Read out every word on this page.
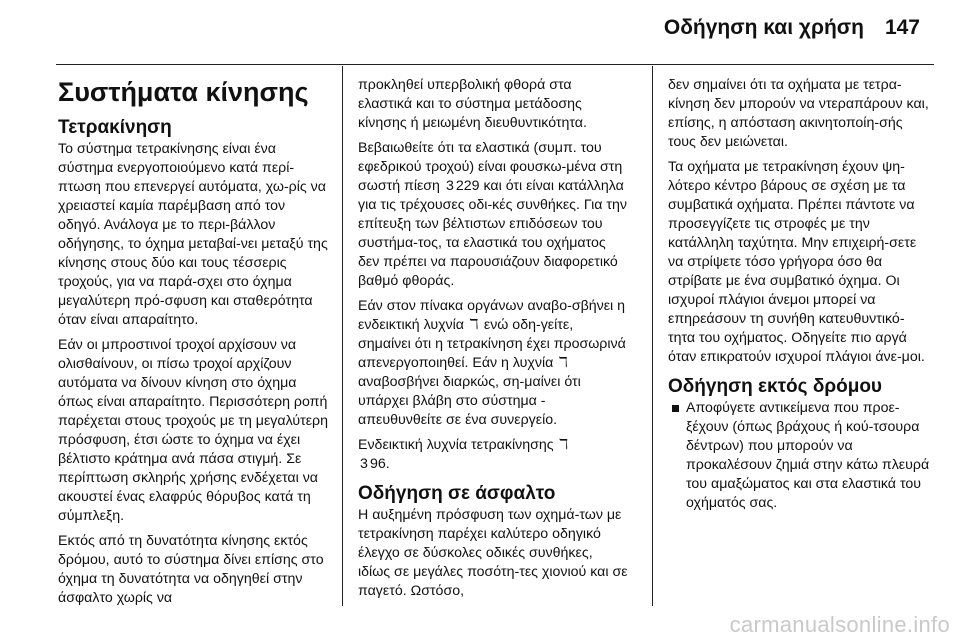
Οδήγηση και χρήση 147
Συστήματα κίνησης
Τετρακίνηση

Το σύστημα τετρακίνησης είναι ένα σύστημα ενεργοποιούμενο κατά περί-πτωση που επενεργεί αυτόματα, χω-ρίς να χρειαστεί καμία παρέμβαση από τον οδηγό. Ανάλογα με το περι-βάλλον οδήγησης, το όχημα μεταβαί-νει μεταξύ της κίνησης στους δύο και τους τέσσερις τροχούς, για να παρά-σχει στο όχημα μεγαλύτερη πρό-σφυση και σταθερότητα όταν είναι απαραίτητο.

Εάν οι μπροστινοί τροχοί αρχίσουν να ολισθαίνουν, οι πίσω τροχοί αρχίζουν αυτόματα να δίνουν κίνηση στο όχημα όπως είναι απαραίτητο. Περισσότερη ροπή παρέχεται στους τροχούς με τη μεγαλύτερη πρόσφυση, έτσι ώστε το όχημα να έχει βέλτιστο κράτημα ανά πάσα στιγμή. Σε περίπτωση σκληρής χρήσης ενδέχεται να ακουστεί ένας ελαφρύς θόρυβος κατά τη σύμπλεξη.

Εκτός από τη δυνατότητα κίνησης εκτός δρόμου, αυτό το σύστημα δίνει επίσης στο όχημα τη δυνατότητα να οδηγηθεί στην άσφαλτο χωρίς να

προκληθεί υπερβολική φθορά στα ελαστικά και το σύστημα μετάδοσης κίνησης ή μειωμένη διευθυντικότητα.

Βεβαιωθείτε ότι τα ελαστικά (συμπ. του εφεδρικού τροχού) είναι φουσκω-μένα στη σωστή πίεση 3 229 και ότι είναι κατάλληλα για τις τρέχουσες οδι-κές συνθήκες. Για την επίτευξη των βέλτιστων επιδόσεων του συστήμα-τος, τα ελαστικά του οχήματος δεν πρέπει να παρουσιάζουν διαφορετικό βαθμό φθοράς.

Εάν στον πίνακα οργάνων αναβο-σβήνει η ενδεικτική λυχνία ℸ ενώ οδη-γείτε, σημαίνει ότι η τετρακίνηση έχει προσωρινά απενεργοποιηθεί. Εάν η λυχνία ℸ αναβοσβήνει διαρκώς, ση-μαίνει ότι υπάρχει βλάβη στο σύστημα - απευθυνθείτε σε ένα συνεργείο.

Ενδεικτική λυχνία τετρακίνησης ℸ
3 96.

Οδήγηση σε άσφαλτο

Η αυξημένη πρόσφυση των οχημά-των με τετρακίνηση παρέχει καλύτερο οδηγικό έλεγχο σε δύσκολες οδικές συνθήκες, ιδίως σε μεγάλες ποσότη-τες χιονιού και σε παγετό. Ωστόσο,

δεν σημαίνει ότι τα οχήματα με τετρα-κίνηση δεν μπορούν να ντεραπάρουν και, επίσης, η απόσταση ακινητοποίη-σής τους δεν μειώνεται.

Τα οχήματα με τετρακίνηση έχουν ψη-λότερο κέντρο βάρους σε σχέση με τα συμβατικά οχήματα. Πρέπει πάντοτε να προσεγγίζετε τις στροφές με την κατάλληλη ταχύτητα. Μην επιχειρή-σετε να στρίψετε τόσο γρήγορα όσο θα στρίβατε με ένα συμβατικό όχημα. Οι ισχυροί πλάγιοι άνεμοι μπορεί να επηρεάσουν τη συνήθη κατευθυντικό-τητα του οχήματος. Οδηγείτε πιο αργά όταν επικρατούν ισχυροί πλάγιοι άνε-μοι.

Οδήγηση εκτός δρόμου

Αποφύγετε αντικείμενα που προε-ξέχουν (όπως βράχους ή κού-τσουρα δέντρων) που μπορούν να προκαλέσουν ζημιά στην κάτω πλευρά του αμαξώματος και στα ελαστικά του οχήματός σας.

carmanualsonline.info
